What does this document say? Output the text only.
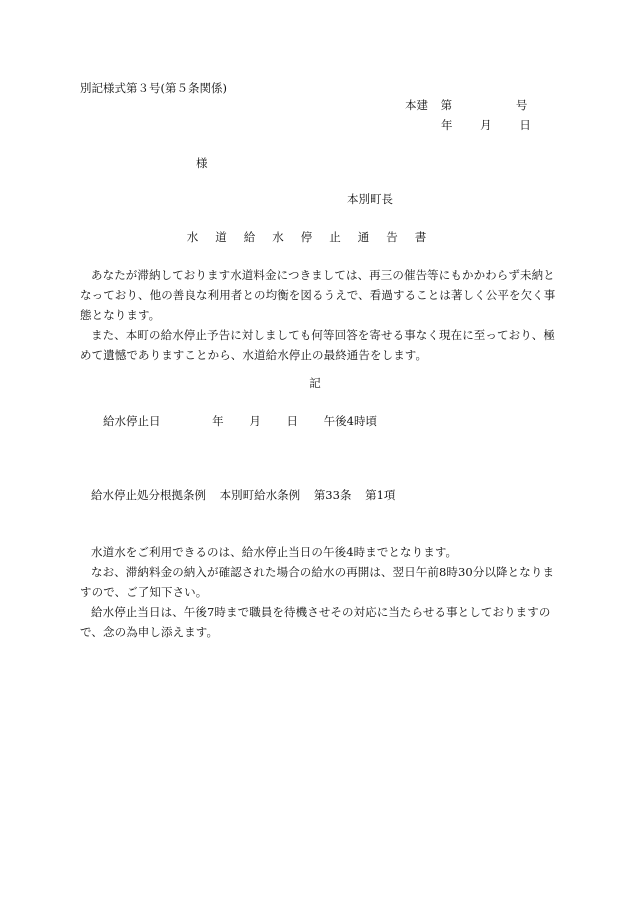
別記様式第３号(第５条関係)
本建 第	号
年 月 日
様
本別町長
水 道 給 水 停 止 通 告 書

あなたが滞納しております水道料金につきましては、再三の催告等にもかかわらず未納となっており、他の善良な利用者との均衡を図るうえで、看過することは著しく公平を欠く事態となります。

また、本町の給水停止予告に対しましても何等回答を寄せる事なく現在に至っており、極めて遺憾でありますことから、水道給水停止の最終通告をします。

記
給水停止日	年 月 日 午後4時頃
給水停止処分根拠条例 本別町給水条例 第33条 第1項

水道水をご利用できるのは、給水停止当日の午後4時までとなります。

なお、滞納料金の納入が確認された場合の給水の再開は、翌日午前8時30分以降となりますので、ご了知下さい。

給水停止当日は、午後7時まで職員を待機させその対応に当たらせる事としておりますので、念の為申し添えます。
